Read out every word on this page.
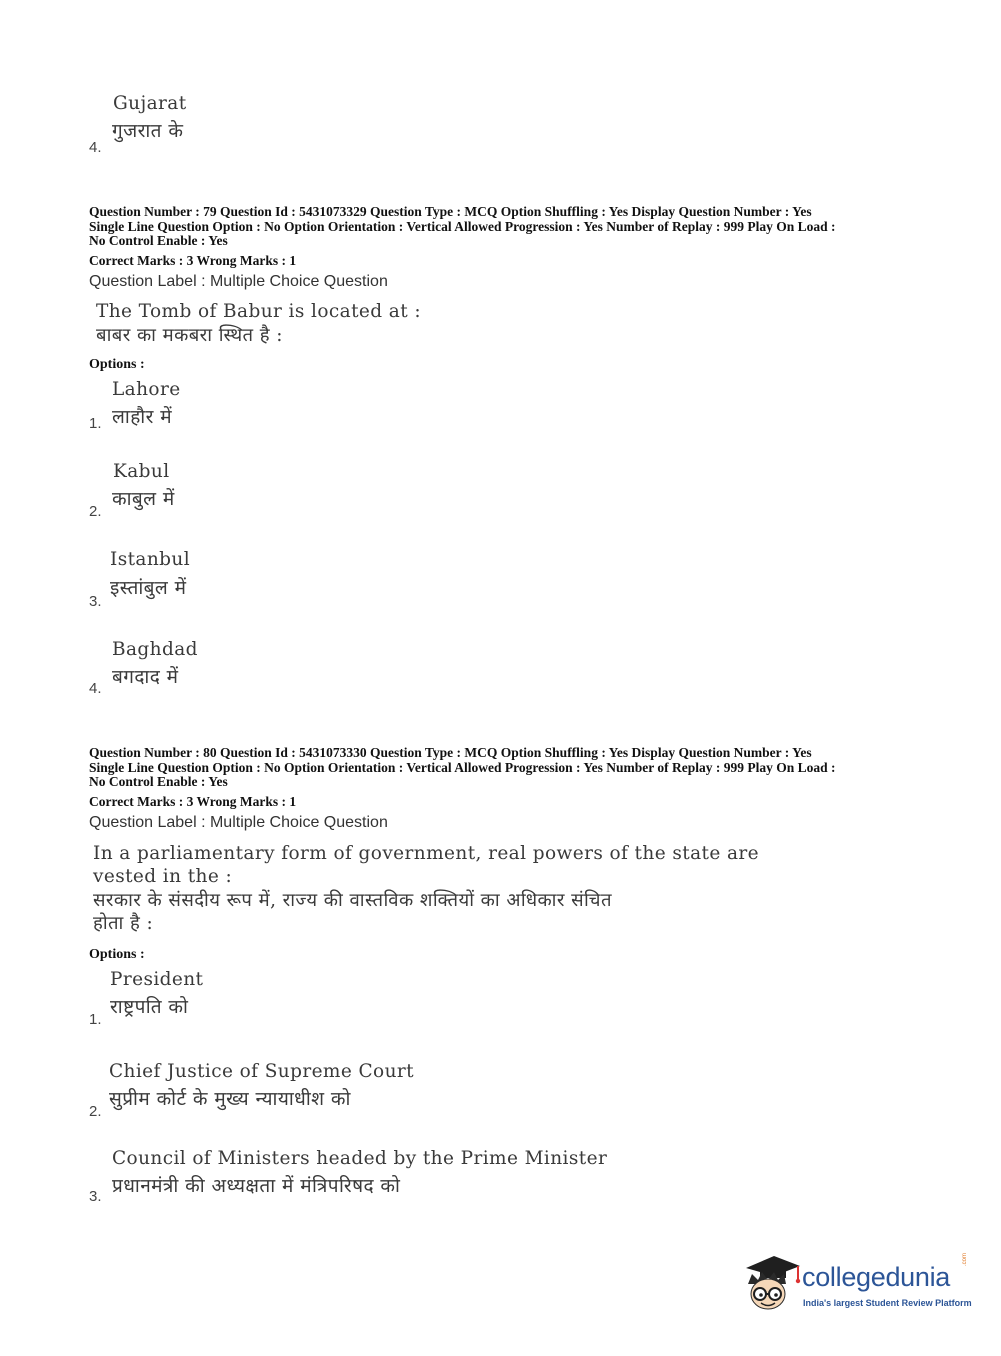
4.
Gujarat
गुजरात के
Question Number : 79 Question Id : 5431073329 Question Type : MCQ Option Shuffling : Yes Display Question Number : Yes
Single Line Question Option : No Option Orientation : Vertical Allowed Progression : Yes Number of Replay : 999 Play On Load :
No Control Enable : Yes
Correct Marks : 3 Wrong Marks : 1
Question Label : Multiple Choice Question
The Tomb of Babur is located at :
बाबर का मकबरा स्थित है :
Options :
Lahore
लाहौर में
1.
Kabul
काबुल में
2.
Istanbul
इस्तांबुल में
3.
Baghdad
बगदाद में
4.
Question Number : 80 Question Id : 5431073330 Question Type : MCQ Option Shuffling : Yes Display Question Number : Yes
Single Line Question Option : No Option Orientation : Vertical Allowed Progression : Yes Number of Replay : 999 Play On Load :
No Control Enable : Yes
Correct Marks : 3 Wrong Marks : 1
Question Label : Multiple Choice Question
In a parliamentary form of government, real powers of the state are
vested in the :
सरकार के संसदीय रूप में, राज्य की वास्तविक शक्तियों का अधिकार संचित
होता है :
Options :
President
राष्ट्रपति को
1.
Chief Justice of Supreme Court
सुप्रीम कोर्ट के मुख्य न्यायाधीश को
2.
Council of Ministers headed by the Prime Minister
प्रधानमंत्री की अध्यक्षता में मंत्रिपरिषद को
3.
collegedunia
.com
India's largest Student Review Platform
